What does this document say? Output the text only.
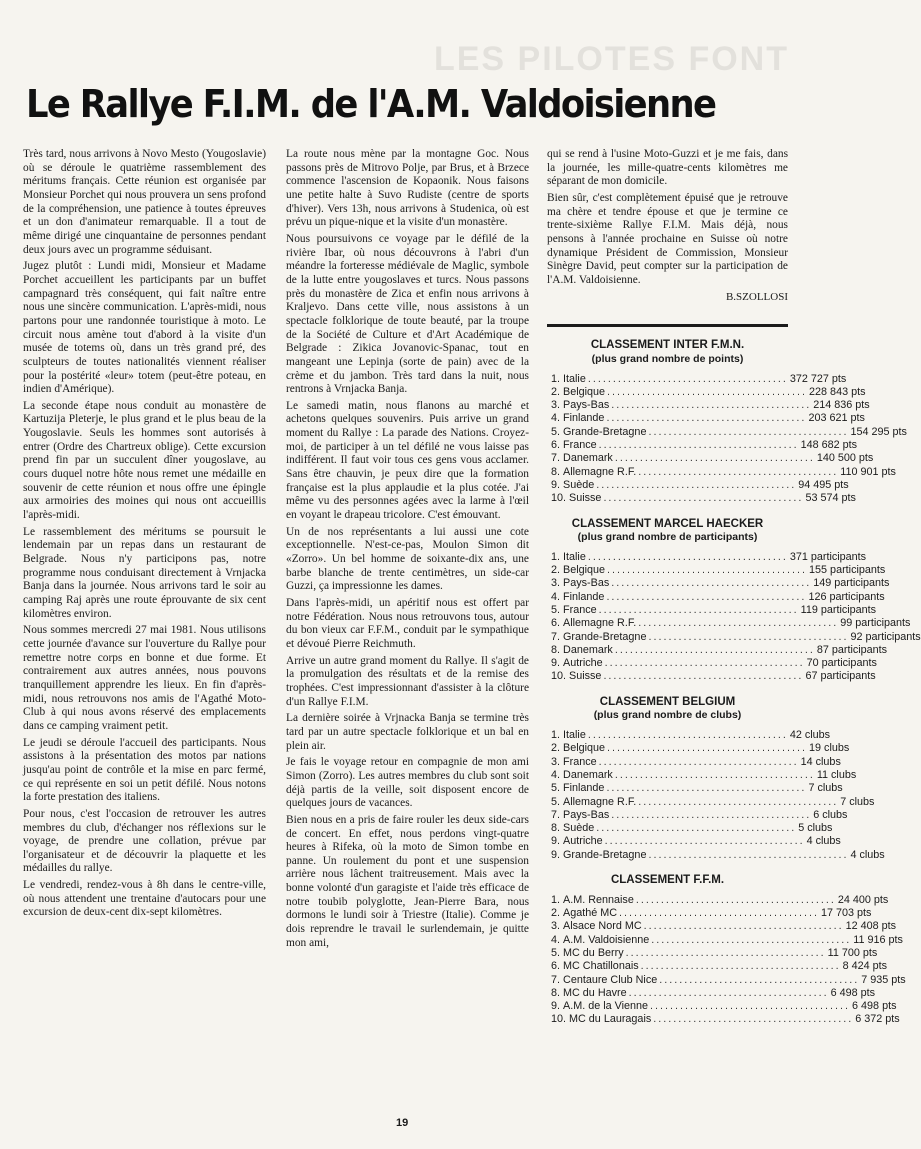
LES PILOTES FONT
Le Rallye F.I.M. de l'A.M. Valdoisienne

Très tard, nous arrivons à Novo Mesto (Yougoslavie) où se déroule le quatrième rassemblement des méritums français. Cette réunion est organisée par Monsieur Porchet qui nous prouvera un sens profond de la compréhension, une patience à toutes épreuves et un don d'animateur remarquable. Il a tout de même dirigé une cinquantaine de personnes pendant deux jours avec un programme séduisant.

Jugez plutôt : Lundi midi, Monsieur et Madame Porchet accueillent les participants par un buffet campagnard très conséquent, qui fait naître entre nous une sincère communication. L'après-midi, nous partons pour une randonnée touristique à moto. Le circuit nous amène tout d'abord à la visite d'un musée de totems où, dans un très grand pré, des sculpteurs de toutes nationalités viennent réaliser pour la postérité «leur» totem (peut-être poteau, en indien d'Amérique).

La seconde étape nous conduit au monastère de Kartuzija Pleterje, le plus grand et le plus beau de la Yougoslavie. Seuls les hommes sont autorisés à entrer (Ordre des Chartreux oblige). Cette excursion prend fin par un succulent dîner yougoslave, au cours duquel notre hôte nous remet une médaille en souvenir de cette réunion et nous offre une épingle aux armoiries des moines qui nous ont accueillis l'après-midi.

Le rassemblement des méritums se poursuit le lendemain par un repas dans un restaurant de Belgrade. Nous n'y participons pas, notre programme nous conduisant directement à Vrnjacka Banja dans la journée. Nous arrivons tard le soir au camping Raj après une route éprouvante de six cent kilomètres environ.

Nous sommes mercredi 27 mai 1981. Nous utilisons cette journée d'avance sur l'ouverture du Rallye pour remettre notre corps en bonne et due forme. Et contrairement aux autres années, nous pouvons tranquillement apprendre les lieux. En fin d'après-midi, nous retrouvons nos amis de l'Agathé Moto-Club à qui nous avons réservé des emplacements dans ce camping vraiment petit.

Le jeudi se déroule l'accueil des participants. Nous assistons à la présentation des motos par nations jusqu'au point de contrôle et la mise en parc fermé, ce qui représente en soi un petit défilé. Nous notons la forte prestation des italiens.

Pour nous, c'est l'occasion de retrouver les autres membres du club, d'échanger nos réflexions sur le voyage, de prendre une collation, prévue par l'organisateur et de découvrir la plaquette et les médailles du rallye.

Le vendredi, rendez-vous à 8h dans le centre-ville, où nous attendent une trentaine d'autocars pour une excursion de deux-cent dix-sept kilomètres.

La route nous mène par la montagne Goc. Nous passons près de Mitrovo Polje, par Brus, et à Brzece commence l'ascension de Kopaonik. Nous faisons une petite halte à Suvo Rudiste (centre de sports d'hiver). Vers 13h, nous arrivons à Studenica, où est prévu un pique-nique et la visite d'un monastère.

Nous poursuivons ce voyage par le défilé de la rivière Ibar, où nous découvrons à l'abri d'un méandre la forteresse médiévale de Maglic, symbole de la lutte entre yougoslaves et turcs. Nous passons près du monastère de Zica et enfin nous arrivons à Kraljevo. Dans cette ville, nous assistons à un spectacle folklorique de toute beauté, par la troupe de la Société de Culture et d'Art Académique de Belgrade : Zikica Jovanovic-Spanac, tout en mangeant une Lepinja (sorte de pain) avec de la crème et du jambon. Très tard dans la nuit, nous rentrons à Vrnjacka Banja.

Le samedi matin, nous flanons au marché et achetons quelques souvenirs. Puis arrive un grand moment du Rallye : La parade des Nations. Croyez-moi, de participer à un tel défilé ne vous laisse pas indifférent. Il faut voir tous ces gens vous acclamer. Sans être chauvin, je peux dire que la formation française est la plus applaudie et la plus cotée. J'ai même vu des personnes agées avec la larme à l'œil en voyant le drapeau tricolore. C'est émouvant.

Un de nos représentants a lui aussi une cote exceptionnelle. N'est-ce-pas, Moulon Simon dit «Zorro». Un bel homme de soixante-dix ans, une barbe blanche de trente centimètres, un side-car Guzzi, ça impressionne les dames.

Dans l'après-midi, un apéritif nous est offert par notre Fédération. Nous nous retrouvons tous, autour du bon vieux car F.F.M., conduit par le sympathique et dévoué Pierre Reichmuth.

Arrive un autre grand moment du Rallye. Il s'agit de la promulgation des résultats et de la remise des trophées. C'est impressionnant d'assister à la clôture d'un Rallye F.I.M.

La dernière soirée à Vrjnacka Banja se termine très tard par un autre spectacle folklorique et un bal en plein air.

Je fais le voyage retour en compagnie de mon ami Simon (Zorro). Les autres membres du club sont soit déjà partis de la veille, soit disposent encore de quelques jours de vacances.

Bien nous en a pris de faire rouler les deux side-cars de concert. En effet, nous perdons vingt-quatre heures à Rifeka, où la moto de Simon tombe en panne. Un roulement du pont et une suspension arrière nous lâchent traitreusement. Mais avec la bonne volonté d'un garagiste et l'aide très efficace de notre toubib polyglotte, Jean-Pierre Bara, nous dormons le lundi soir à Triestre (Italie). Comme je dois reprendre le travail le surlendemain, je quitte mon ami,

qui se rend à l'usine Moto-Guzzi et je me fais, dans la journée, les mille-quatre-cents kilomètres me séparant de mon domicile.

Bien sûr, c'est complètement épuisé que je retrouve ma chère et tendre épouse et que je termine ce trente-sixième Rallye F.I.M. Mais déjà, nous pensons à l'année prochaine en Suisse où notre dynamique Président de Commission, Monsieur Sinègre David, peut compter sur la participation de l'A.M. Valdoisienne.

B.SZOLLOSI

CLASSEMENT INTER F.M.N.
(plus grand nombre de points)
1. Italie ........................................ 372 727 pts
2. Belgique ........................................ 228 843 pts
3. Pays-Bas ........................................ 214 836 pts
4. Finlande ........................................ 203 621 pts
5. Grande-Bretagne ........................................ 154 295 pts
6. France ........................................ 148 682 pts
7. Danemark ........................................ 140 500 pts
8. Allemagne R.F. ........................................ 110 901 pts
9. Suède ........................................ 94 495 pts
10. Suisse ........................................ 53 574 pts
CLASSEMENT MARCEL HAECKER
(plus grand nombre de participants)
1. Italie ........................................ 371 participants
2. Belgique ........................................ 155 participants
3. Pays-Bas ........................................ 149 participants
4. Finlande ........................................ 126 participants
5. France ........................................ 119 participants
6. Allemagne R.F. ........................................ 99 participants
7. Grande-Bretagne ........................................ 92 participants
8. Danemark ........................................ 87 participants
9. Autriche ........................................ 70 participants
10. Suisse ........................................ 67 participants
CLASSEMENT BELGIUM
(plus grand nombre de clubs)
1. Italie ........................................ 42 clubs
2. Belgique ........................................ 19 clubs
3. France ........................................ 14 clubs
4. Danemark ........................................ 11 clubs
5. Finlande ........................................ 7 clubs
5. Allemagne R.F. ........................................ 7 clubs
7. Pays-Bas ........................................ 6 clubs
8. Suède ........................................ 5 clubs
9. Autriche ........................................ 4 clubs
9. Grande-Bretagne ........................................ 4 clubs
CLASSEMENT F.F.M.
1. A.M. Rennaise ........................................ 24 400 pts
2. Agathé MC ........................................ 17 703 pts
3. Alsace Nord MC ........................................ 12 408 pts
4. A.M. Valdoisienne ........................................ 11 916 pts
5. MC du Berry ........................................ 11 700 pts
6. MC Chatillonais ........................................ 8 424 pts
7. Centaure Club Nice ........................................ 7 935 pts
8. MC du Havre ........................................ 6 498 pts
9. A.M. de la Vienne ........................................ 6 498 pts
10. MC du Lauragais ........................................ 6 372 pts
19
